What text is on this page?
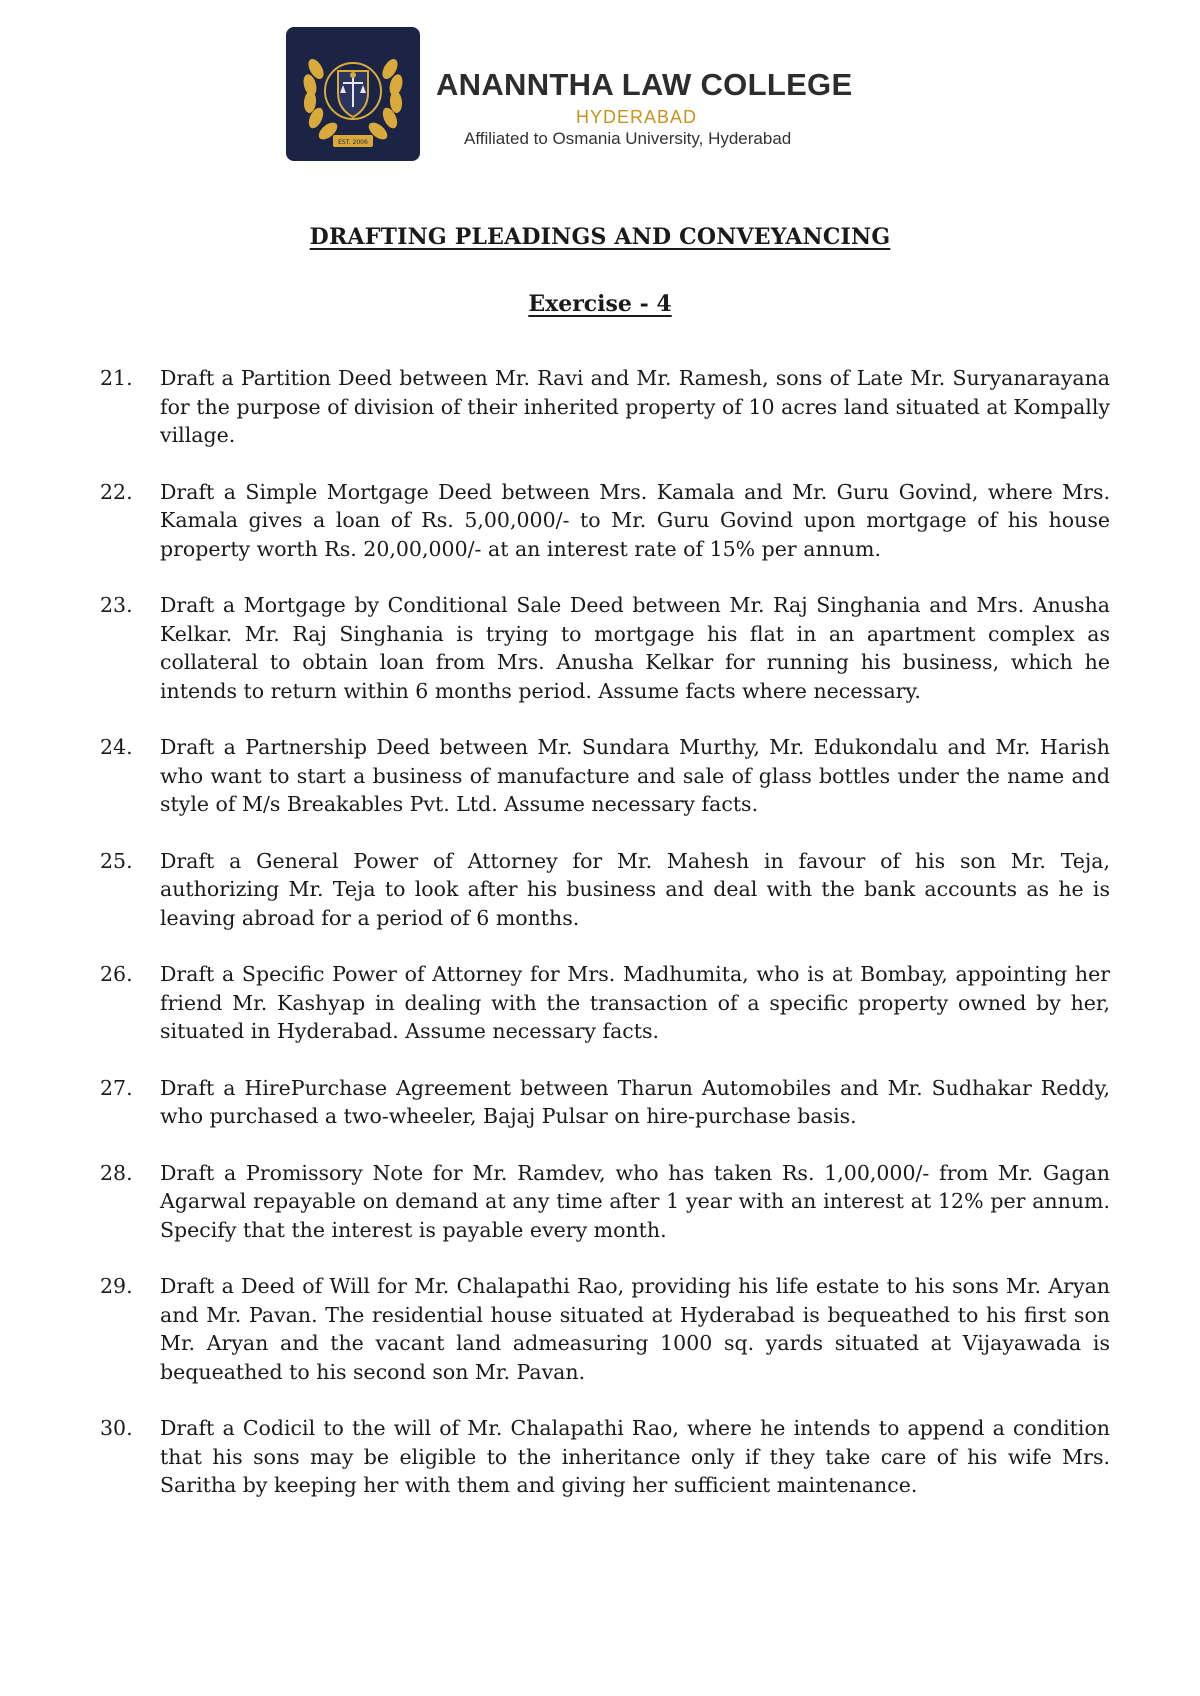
EST. 2006
ANANNTHA LAW COLLEGE
HYDERABAD
Affiliated to Osmania University, Hyderabad
DRAFTING PLEADINGS AND CONVEYANCING
Exercise - 4
21. Draft a Partition Deed between Mr. Ravi and Mr. Ramesh, sons of Late Mr. Suryanarayana for the purpose of division of their inherited property of 10 acres land situated at Kompally village.
22. Draft a Simple Mortgage Deed between Mrs. Kamala and Mr. Guru Govind, where Mrs. Kamala gives a loan of Rs. 5,00,000/- to Mr. Guru Govind upon mortgage of his house property worth Rs. 20,00,000/- at an interest rate of 15% per annum.
23. Draft a Mortgage by Conditional Sale Deed between Mr. Raj Singhania and Mrs. Anusha Kelkar. Mr. Raj Singhania is trying to mortgage his flat in an apartment complex as collateral to obtain loan from Mrs. Anusha Kelkar for running his business, which he intends to return within 6 months period. Assume facts where necessary.
24. Draft a Partnership Deed between Mr. Sundara Murthy, Mr. Edukondalu and Mr. Harish who want to start a business of manufacture and sale of glass bottles under the name and style of M/s Breakables Pvt. Ltd. Assume necessary facts.
25. Draft a General Power of Attorney for Mr. Mahesh in favour of his son Mr. Teja, authorizing Mr. Teja to look after his business and deal with the bank accounts as he is leaving abroad for a period of 6 months.
26. Draft a Specific Power of Attorney for Mrs. Madhumita, who is at Bombay, appointing her friend Mr. Kashyap in dealing with the transaction of a specific property owned by her, situated in Hyderabad. Assume necessary facts.
27. Draft a HirePurchase Agreement between Tharun Automobiles and Mr. Sudhakar Reddy, who purchased a two-wheeler, Bajaj Pulsar on hire-purchase basis.
28. Draft a Promissory Note for Mr. Ramdev, who has taken Rs. 1,00,000/- from Mr. Gagan Agarwal repayable on demand at any time after 1 year with an interest at 12% per annum. Specify that the interest is payable every month.
29. Draft a Deed of Will for Mr. Chalapathi Rao, providing his life estate to his sons Mr. Aryan and Mr. Pavan. The residential house situated at Hyderabad is bequeathed to his first son Mr. Aryan and the vacant land admeasuring 1000 sq. yards situated at Vijayawada is bequeathed to his second son Mr. Pavan.
30. Draft a Codicil to the will of Mr. Chalapathi Rao, where he intends to append a condition that his sons may be eligible to the inheritance only if they take care of his wife Mrs. Saritha by keeping her with them and giving her sufficient maintenance.
